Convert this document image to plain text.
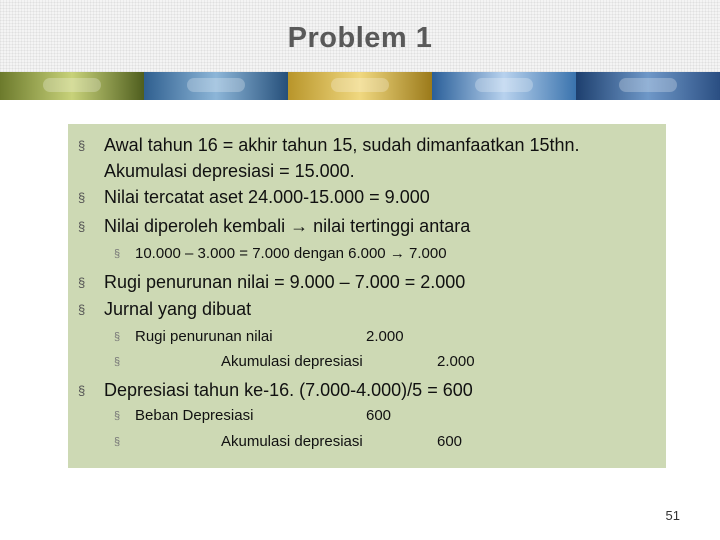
Problem 1
§ Awal tahun 16 = akhir tahun 15, sudah dimanfaatkan 15thn.
Akumulasi depresiasi = 15.000.
§ Nilai tercatat aset 24.000-15.000 = 9.000
§ Nilai diperoleh kembali → nilai tertinggi antara
§ 10.000 – 3.000 = 7.000 dengan 6.000 → 7.000
§ Rugi penurunan nilai = 9.000 – 7.000 = 2.000
§ Jurnal yang dibuat
§ Rugi penurunan nilai	2.000
§	Akumulasi depresiasi	2.000
§ Depresiasi tahun ke-16. (7.000-4.000)/5 = 600
§ Beban Depresiasi	600
§	Akumulasi depresiasi	600
51
